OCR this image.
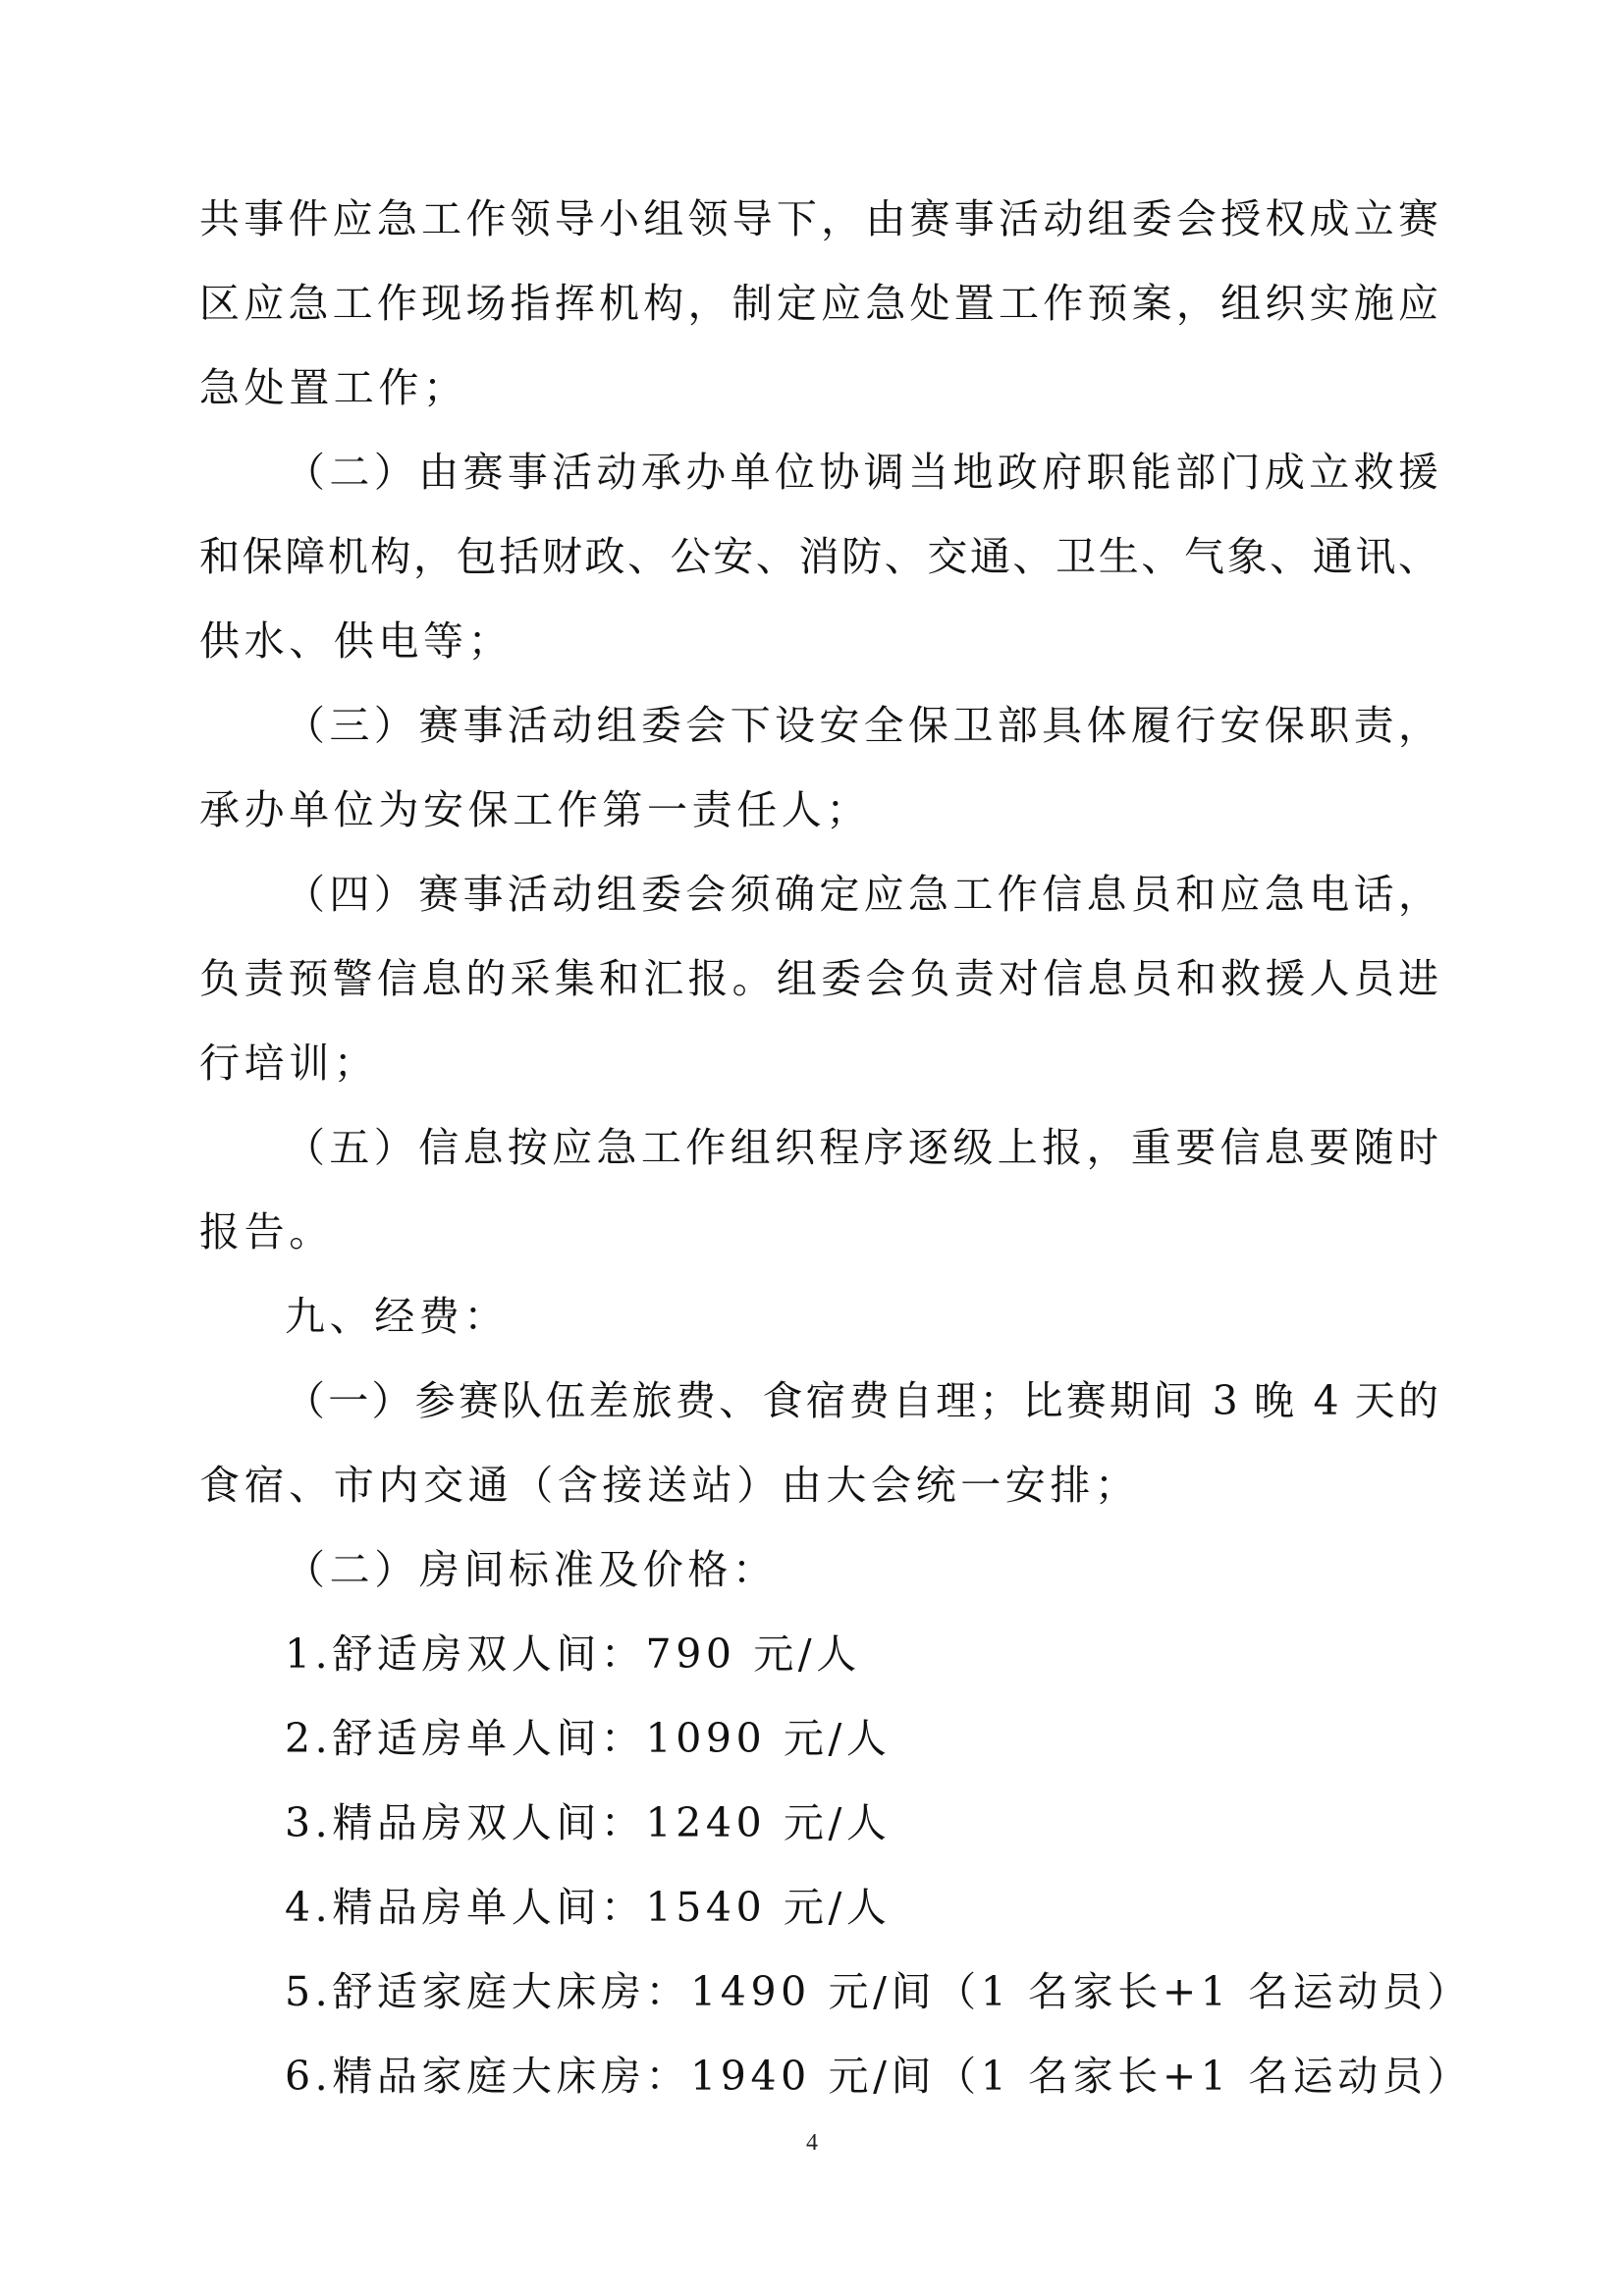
共事件应急工作领导小组领导下，由赛事活动组委会授权成立赛
区应急工作现场指挥机构，制定应急处置工作预案，组织实施应
急处置工作；
（二）由赛事活动承办单位协调当地政府职能部门成立救援
和保障机构，包括财政、公安、消防、交通、卫生、气象、通讯、
供水、供电等；
（三）赛事活动组委会下设安全保卫部具体履行安保职责，
承办单位为安保工作第一责任人；
（四）赛事活动组委会须确定应急工作信息员和应急电话，
负责预警信息的采集和汇报。组委会负责对信息员和救援人员进
行培训；
（五）信息按应急工作组织程序逐级上报，重要信息要随时
报告。
九、经费：
（一）参赛队伍差旅费、食宿费自理；比赛期间 3 晚 4 天的
食宿、市内交通（含接送站）由大会统一安排；
（二）房间标准及价格：
1.舒适房双人间：790 元/人
2.舒适房单人间：1090 元/人
3.精品房双人间：1240 元/人
4.精品房单人间：1540 元/人
5.舒适家庭大床房：1490 元/间（1 名家长+1 名运动员）
6.精品家庭大床房：1940 元/间（1 名家长+1 名运动员）
4
